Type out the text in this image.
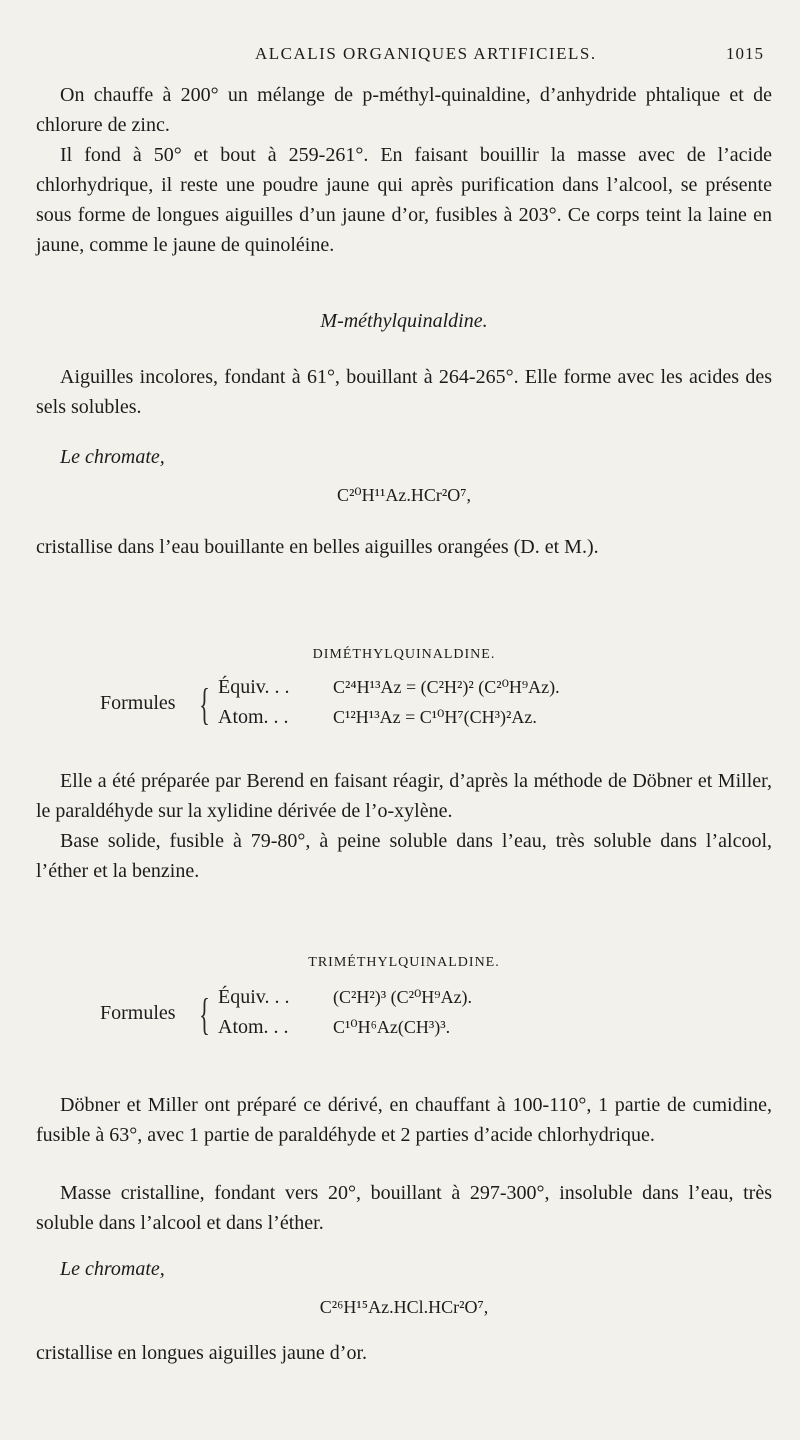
ALCALIS ORGANIQUES ARTIFICIELS.	1015

On chauffe à 200° un mélange de p-méthyl-quinaldine, d’anhydride phtalique et de chlorure de zinc.

Il fond à 50° et bout à 259-261°. En faisant bouillir la masse avec de l’acide chlorhydrique, il reste une poudre jaune qui après purification dans l’alcool, se présente sous forme de longues aiguilles d’un jaune d’or, fusibles à 203°. Ce corps teint la laine en jaune, comme le jaune de quinoléine.

M-méthylquinaldine.

Aiguilles incolores, fondant à 61°, bouillant à 264-265°. Elle forme avec les acides des sels solubles.

Le chromate,

C²⁰H¹¹Az.HCr²O⁷,

cristallise dans l’eau bouillante en belles aiguilles orangées (D. et M.).

DIMÉTHYLQUINALDINE.

Formules { Équiv. . . C²⁴H¹³Az = (C²H²)² (C²⁰H⁹Az).
Atom. . . C¹²H¹³Az = C¹⁰H⁷(CH³)²Az.

Elle a été préparée par Berend en faisant réagir, d’après la méthode de Döbner et Miller, le paraldéhyde sur la xylidine dérivée de l’o-xylène.

Base solide, fusible à 79-80°, à peine soluble dans l’eau, très soluble dans l’alcool, l’éther et la benzine.

TRIMÉTHYLQUINALDINE.

Formules { Équiv. . . (C²H²)³ (C²⁰H⁹Az).
Atom. . . C¹⁰H⁶Az(CH³)³.

Döbner et Miller ont préparé ce dérivé, en chauffant à 100-110°, 1 partie de cumidine, fusible à 63°, avec 1 partie de paraldéhyde et 2 parties d’acide chlorhydrique.

Masse cristalline, fondant vers 20°, bouillant à 297-300°, insoluble dans l’eau, très soluble dans l’alcool et dans l’éther.

Le chromate,

C²⁶H¹⁵Az.HCl.HCr²O⁷,

cristallise en longues aiguilles jaune d’or.
